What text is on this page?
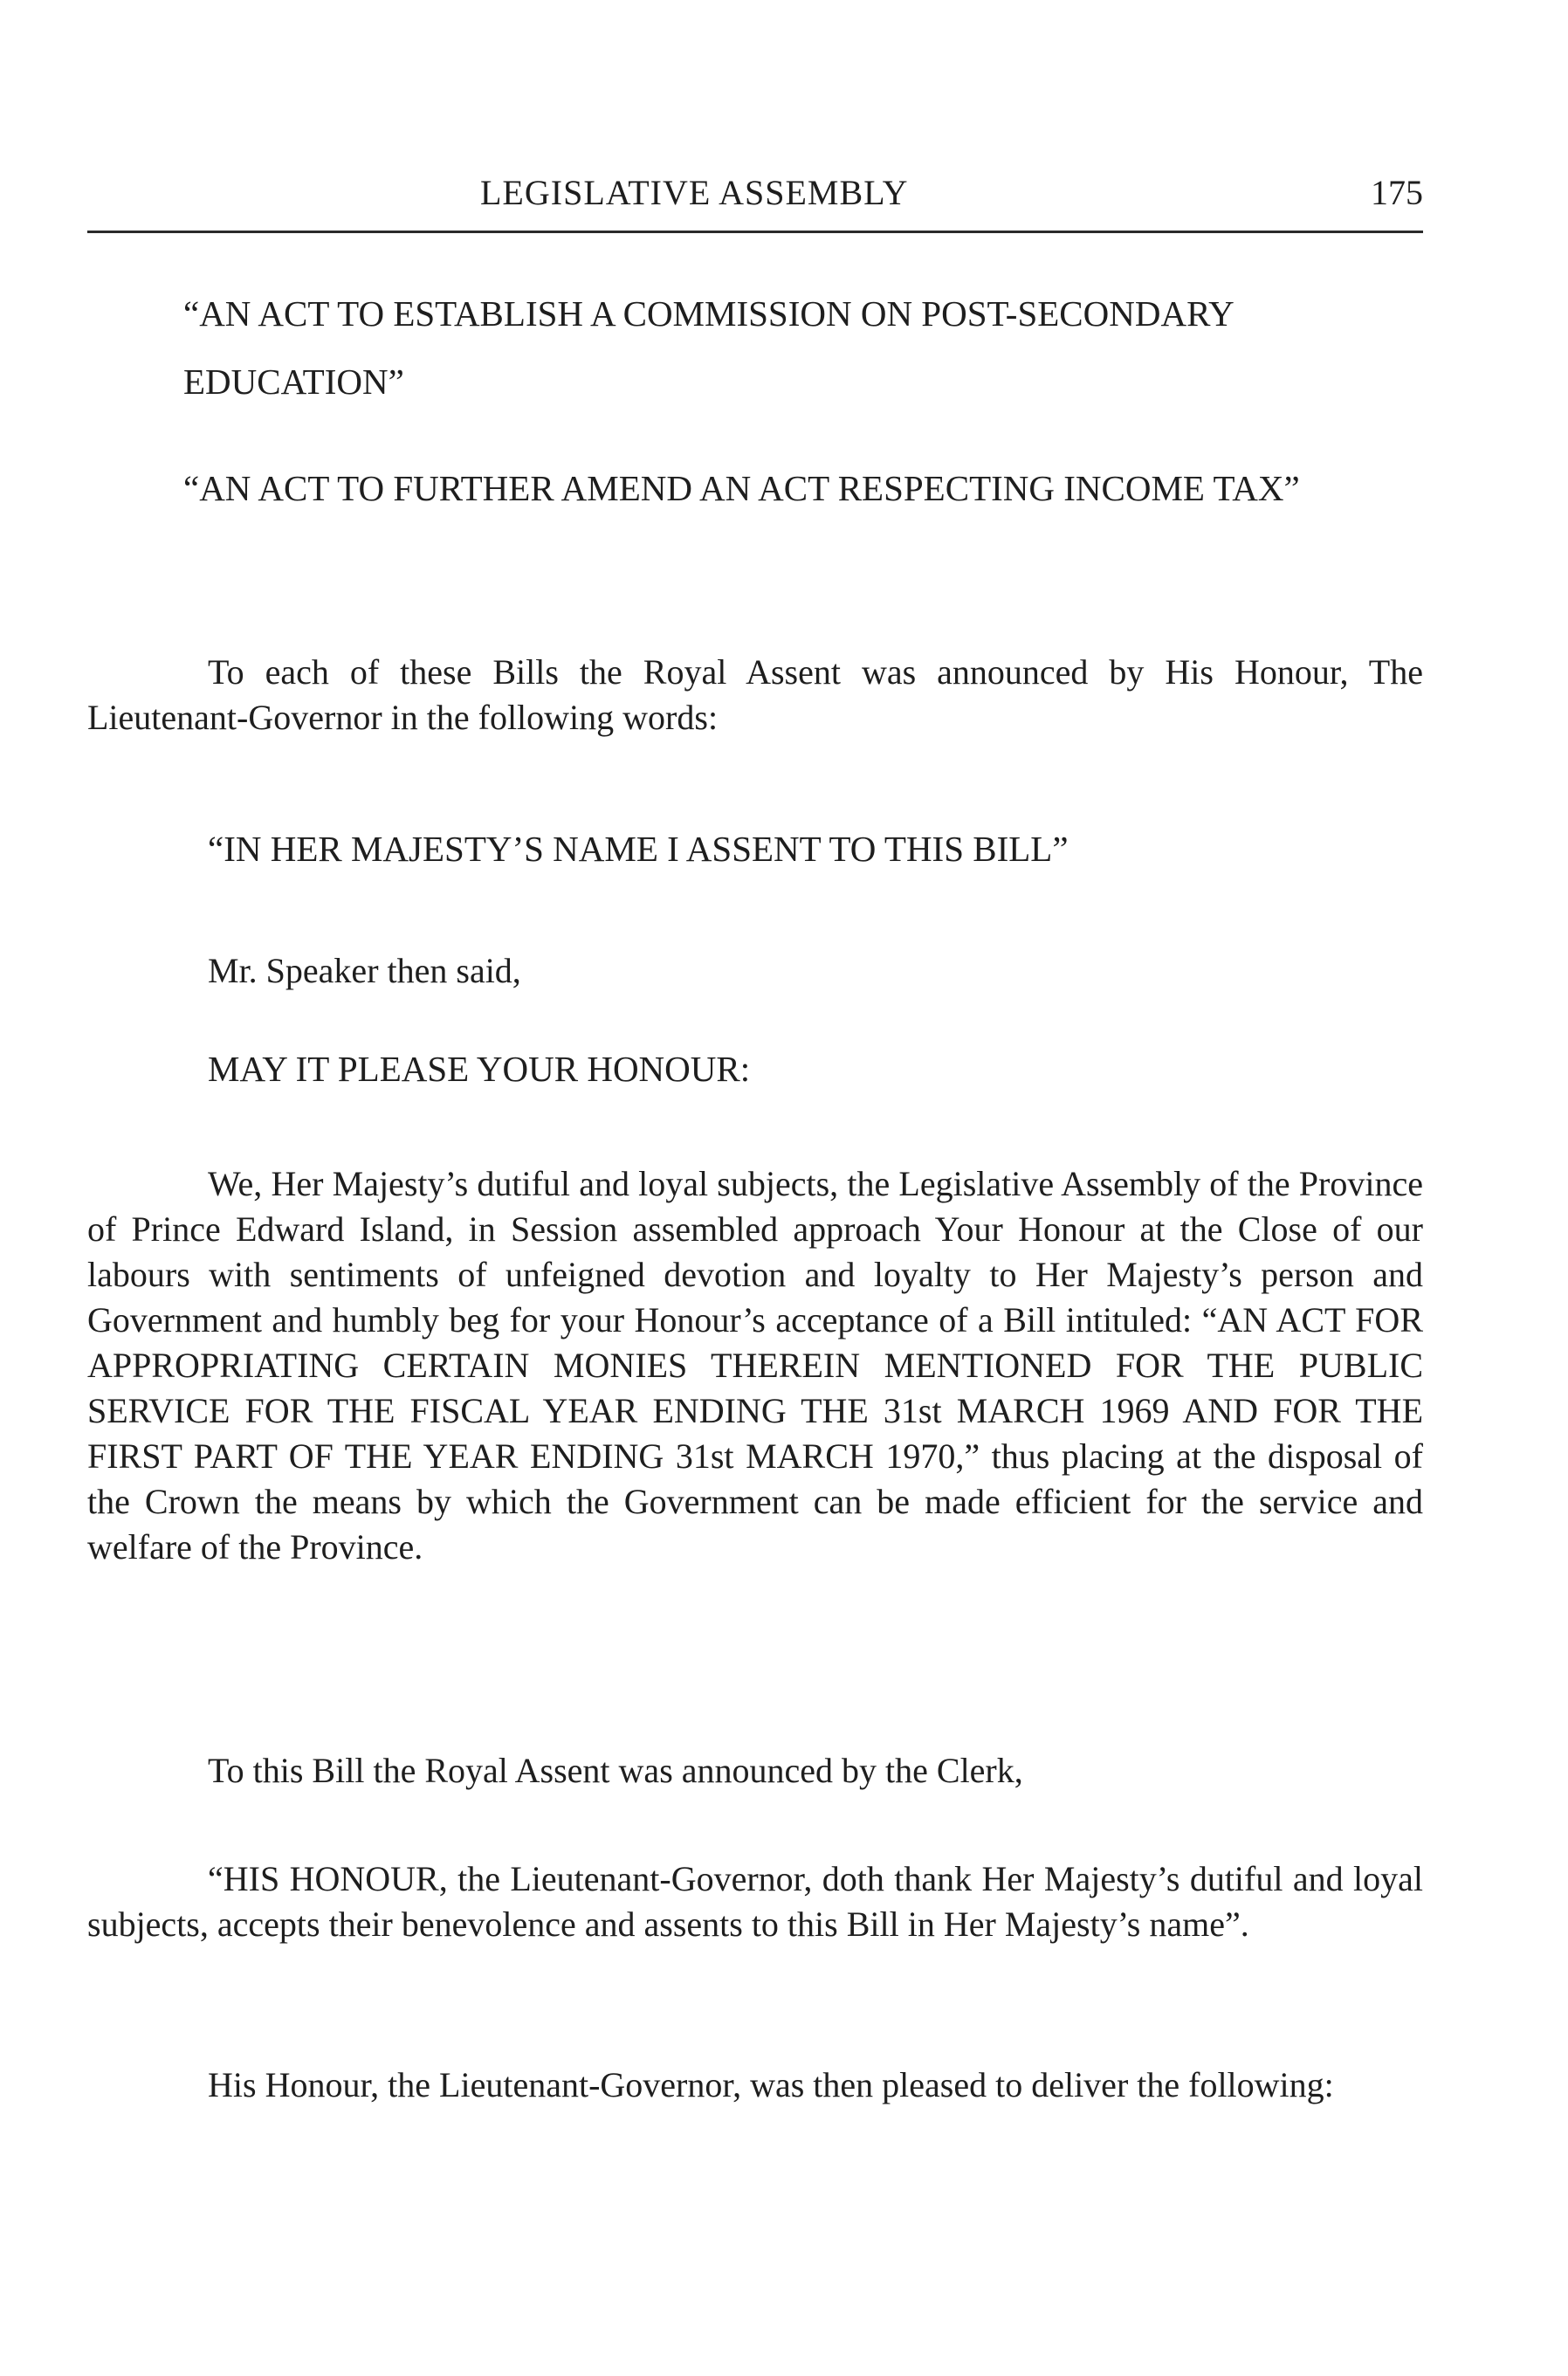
LEGISLATIVE ASSEMBLY	175

“AN ACT TO ESTABLISH A COMMISSION ON POST-SECONDARY EDUCATION”

“AN ACT TO FURTHER AMEND AN ACT RESPECTING INCOME TAX”

To each of these Bills the Royal Assent was announced by His Honour, The Lieutenant-Governor in the following words:

“IN HER MAJESTY’S NAME I ASSENT TO THIS BILL”

Mr. Speaker then said,

MAY IT PLEASE YOUR HONOUR:

We, Her Majesty’s dutiful and loyal subjects, the Legislative Assembly of the Province of Prince Edward Island, in Session assembled approach Your Honour at the Close of our labours with sentiments of unfeigned devotion and loyalty to Her Majesty’s person and Government and humbly beg for your Honour’s acceptance of a Bill intituled: “AN ACT FOR APPROPRIATING CERTAIN MONIES THEREIN MENTIONED FOR THE PUBLIC SERVICE FOR THE FISCAL YEAR ENDING THE 31st MARCH 1969 AND FOR THE FIRST PART OF THE YEAR ENDING 31st MARCH 1970,” thus placing at the disposal of the Crown the means by which the Government can be made efficient for the service and welfare of the Province.

To this Bill the Royal Assent was announced by the Clerk,

“HIS HONOUR, the Lieutenant-Governor, doth thank Her Majesty’s dutiful and loyal subjects, accepts their benevolence and assents to this Bill in Her Majesty’s name”.

His Honour, the Lieutenant-Governor, was then pleased to deliver the following:
